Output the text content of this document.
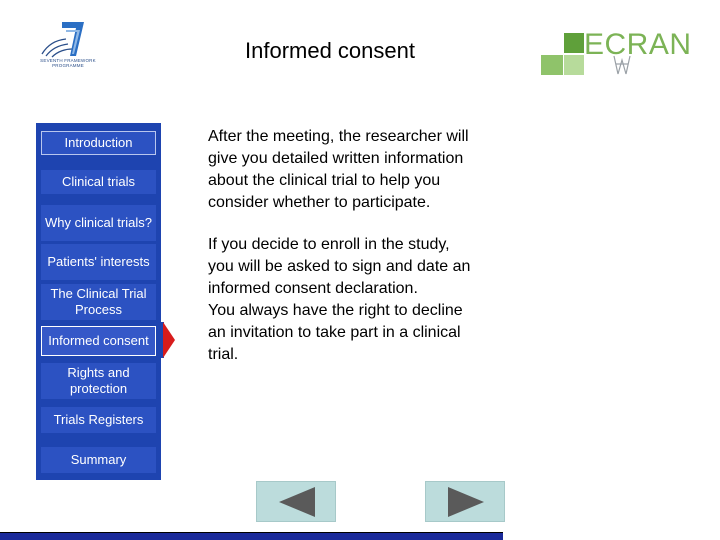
SEVENTH FRAMEWORK PROGRAMME
Informed consent	ECRAN
Introduction
Clinical trials
Why clinical trials?
Patients' interests
The Clinical Trial Process
Informed consent
Rights and protection
Trials Registers
Summary
After the meeting, the researcher will
give you detailed written information
about the clinical trial to help you
consider whether to participate.
If you decide to enroll in the study,
you will be asked to sign and date an
informed consent declaration.
You always have the right to decline
an invitation to take part in a clinical
trial.
